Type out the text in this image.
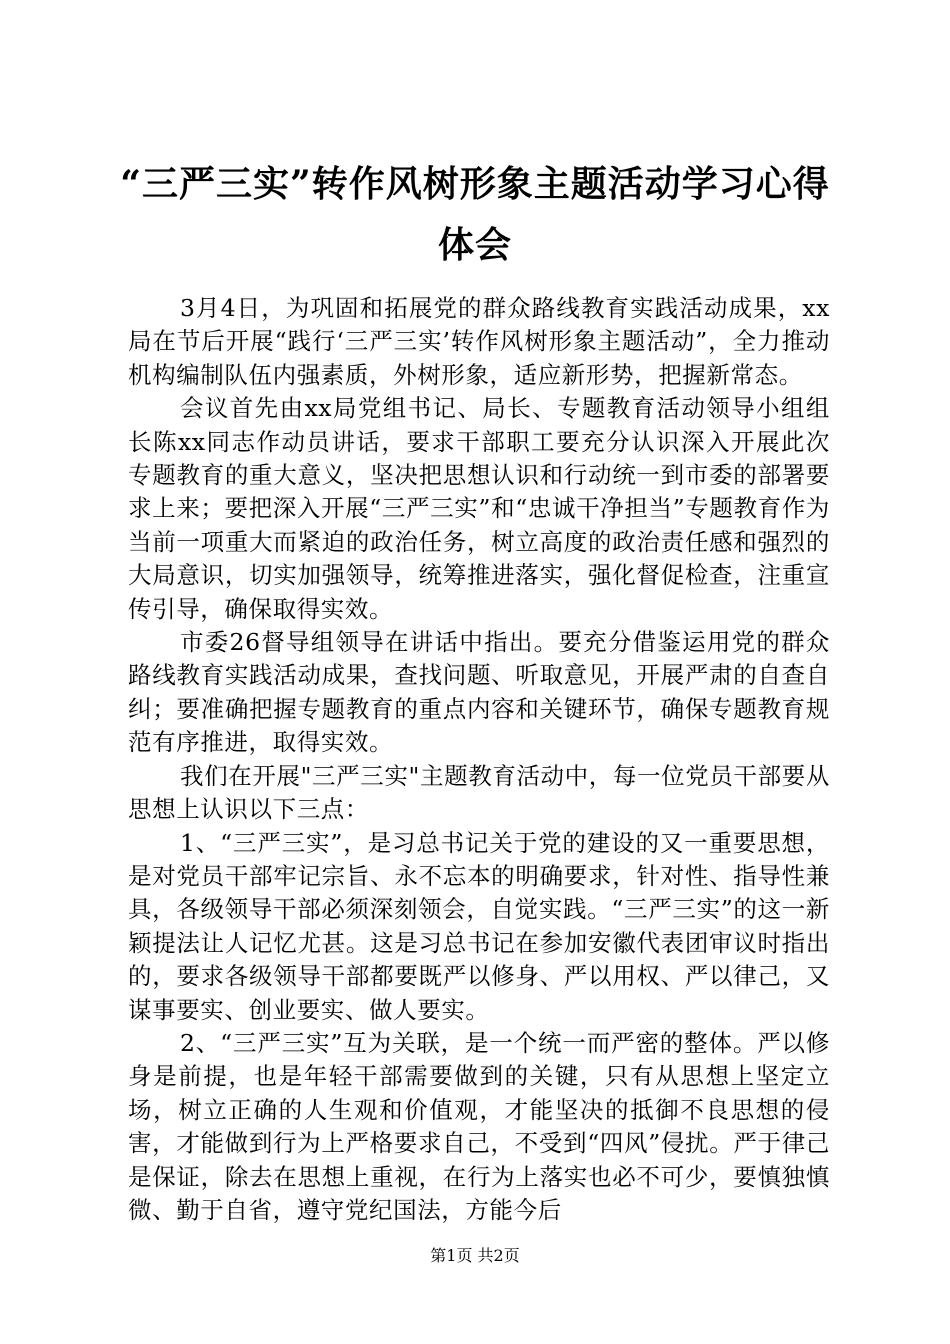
“三严三实”转作风树形象主题活动学习心得
体会

3月4日，为巩固和拓展党的群众路线教育实践活动成果，xx局在节后开展“践行‘三严三实’转作风树形象主题活动”，全力推动机构编制队伍内强素质，外树形象，适应新形势，把握新常态。

会议首先由xx局党组书记、局长、专题教育活动领导小组组长陈xx同志作动员讲话，要求干部职工要充分认识深入开展此次专题教育的重大意义，坚决把思想认识和行动统一到市委的部署要求上来；要把深入开展“三严三实”和“忠诚干净担当”专题教育作为当前一项重大而紧迫的政治任务，树立高度的政治责任感和强烈的大局意识，切实加强领导，统筹推进落实，强化督促检查，注重宣传引导，确保取得实效。

市委26督导组领导在讲话中指出。要充分借鉴运用党的群众路线教育实践活动成果，查找问题、听取意见，开展严肃的自查自纠；要准确把握专题教育的重点内容和关键环节，确保专题教育规范有序推进，取得实效。

我们在开展"三严三实"主题教育活动中，每一位党员干部要从思想上认识以下三点：

1、“三严三实”，是习总书记关于党的建设的又一重要思想，是对党员干部牢记宗旨、永不忘本的明确要求，针对性、指导性兼具，各级领导干部必须深刻领会，自觉实践。“三严三实”的这一新颖提法让人记忆尤甚。这是习总书记在参加安徽代表团审议时指出的，要求各级领导干部都要既严以修身、严以用权、严以律己，又谋事要实、创业要实、做人要实。

2、“三严三实”互为关联，是一个统一而严密的整体。严以修身是前提，也是年轻干部需要做到的关键，只有从思想上坚定立场，树立正确的人生观和价值观，才能坚决的抵御不良思想的侵害，才能做到行为上严格要求自己，不受到“四风”侵扰。严于律己是保证，除去在思想上重视，在行为上落实也必不可少，要慎独慎微、勤于自省，遵守党纪国法，方能今后

第1页 共2页
